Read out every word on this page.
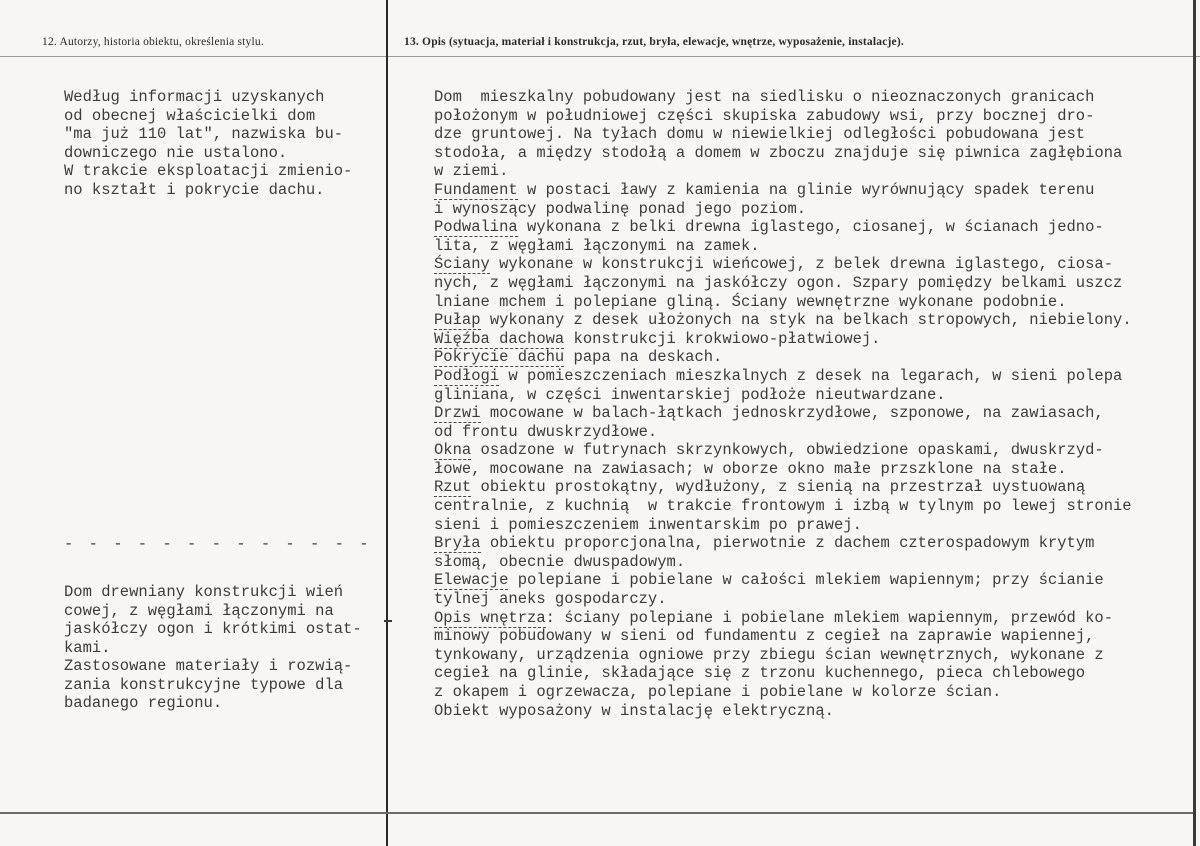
12. Autorzy, historia obiektu, określenia stylu.	13. Opis (sytuacja, materiał i konstrukcja, rzut, bryła, elewacje, wnętrze, wyposażenie, instalacje).
Według informacji uzyskanych
od obecnej właścicielki dom
"ma już 110 lat", nazwiska bu-
downiczego nie ustalono.
W trakcie eksploatacji zmienio-
no kształt i pokrycie dachu.
- - - - - - - - - - - - -
Dom drewniany konstrukcji wień
cowej, z węgłami łączonymi na
jaskółczy ogon i krótkimi ostat-
kami.
Zastosowane materiały i rozwią-
zania konstrukcyjne typowe dla
badanego regionu.
Dom  mieszkalny pobudowany jest na siedlisku o nieoznaczonych granicach
położonym w południowej części skupiska zabudowy wsi, przy bocznej dro-
dze gruntowej. Na tyłach domu w niewielkiej odległości pobudowana jest
stodoła, a między stodołą a domem w zboczu znajduje się piwnica zagłębiona
w ziemi.
Fundament w postaci ławy z kamienia na glinie wyrównujący spadek terenu
i wynoszący podwalinę ponad jego poziom.
Podwalina wykonana z belki drewna iglastego, ciosanej, w ścianach jedno-
lita, z węgłami łączonymi na zamek.
Ściany wykonane w konstrukcji wieńcowej, z belek drewna iglastego, ciosa-
nych, z węgłami łączonymi na jaskółczy ogon. Szpary pomiędzy belkami uszcz
lniane mchem i polepiane gliną. Ściany wewnętrzne wykonane podobnie.
Pułap wykonany z desek ułożonych na styk na belkach stropowych, niebielony.
Więźba dachowa konstrukcji krokwiowo-płatwiowej.
Pokrycie dachu papa na deskach.
Podłogi w pomieszczeniach mieszkalnych z desek na legarach, w sieni polepa
gliniana, w części inwentarskiej podłoże nieutwardzane.
Drzwi mocowane w balach-łątkach jednoskrzydłowe, szponowe, na zawiasach,
od frontu dwuskrzydłowe.
Okna osadzone w futrynach skrzynkowych, obwiedzione opaskami, dwuskrzyd-
łowe, mocowane na zawiasach; w oborze okno małe przszklone na stałe.
Rzut obiektu prostokątny, wydłużony, z sienią na przestrzał uystuowaną
centralnie, z kuchnią  w trakcie frontowym i izbą w tylnym po lewej stronie
sieni i pomieszczeniem inwentarskim po prawej.
Bryła obiektu proporcjonalna, pierwotnie z dachem czterospadowym krytym
słomą, obecnie dwuspadowym.
Elewacje polepiane i pobielane w całości mlekiem wapiennym; przy ścianie
tylnej aneks gospodarczy.
Opis wnętrza: ściany polepiane i pobielane mlekiem wapiennym, przewód ko-
minowy pobudowany w sieni od fundamentu z cegieł na zaprawie wapiennej,
tynkowany, urządzenia ogniowe przy zbiegu ścian wewnętrznych, wykonane z
cegieł na glinie, składające się z trzonu kuchennego, pieca chlebowego
z okapem i ogrzewacza, polepiane i pobielane w kolorze ścian.
Obiekt wyposażony w instalację elektryczną.
